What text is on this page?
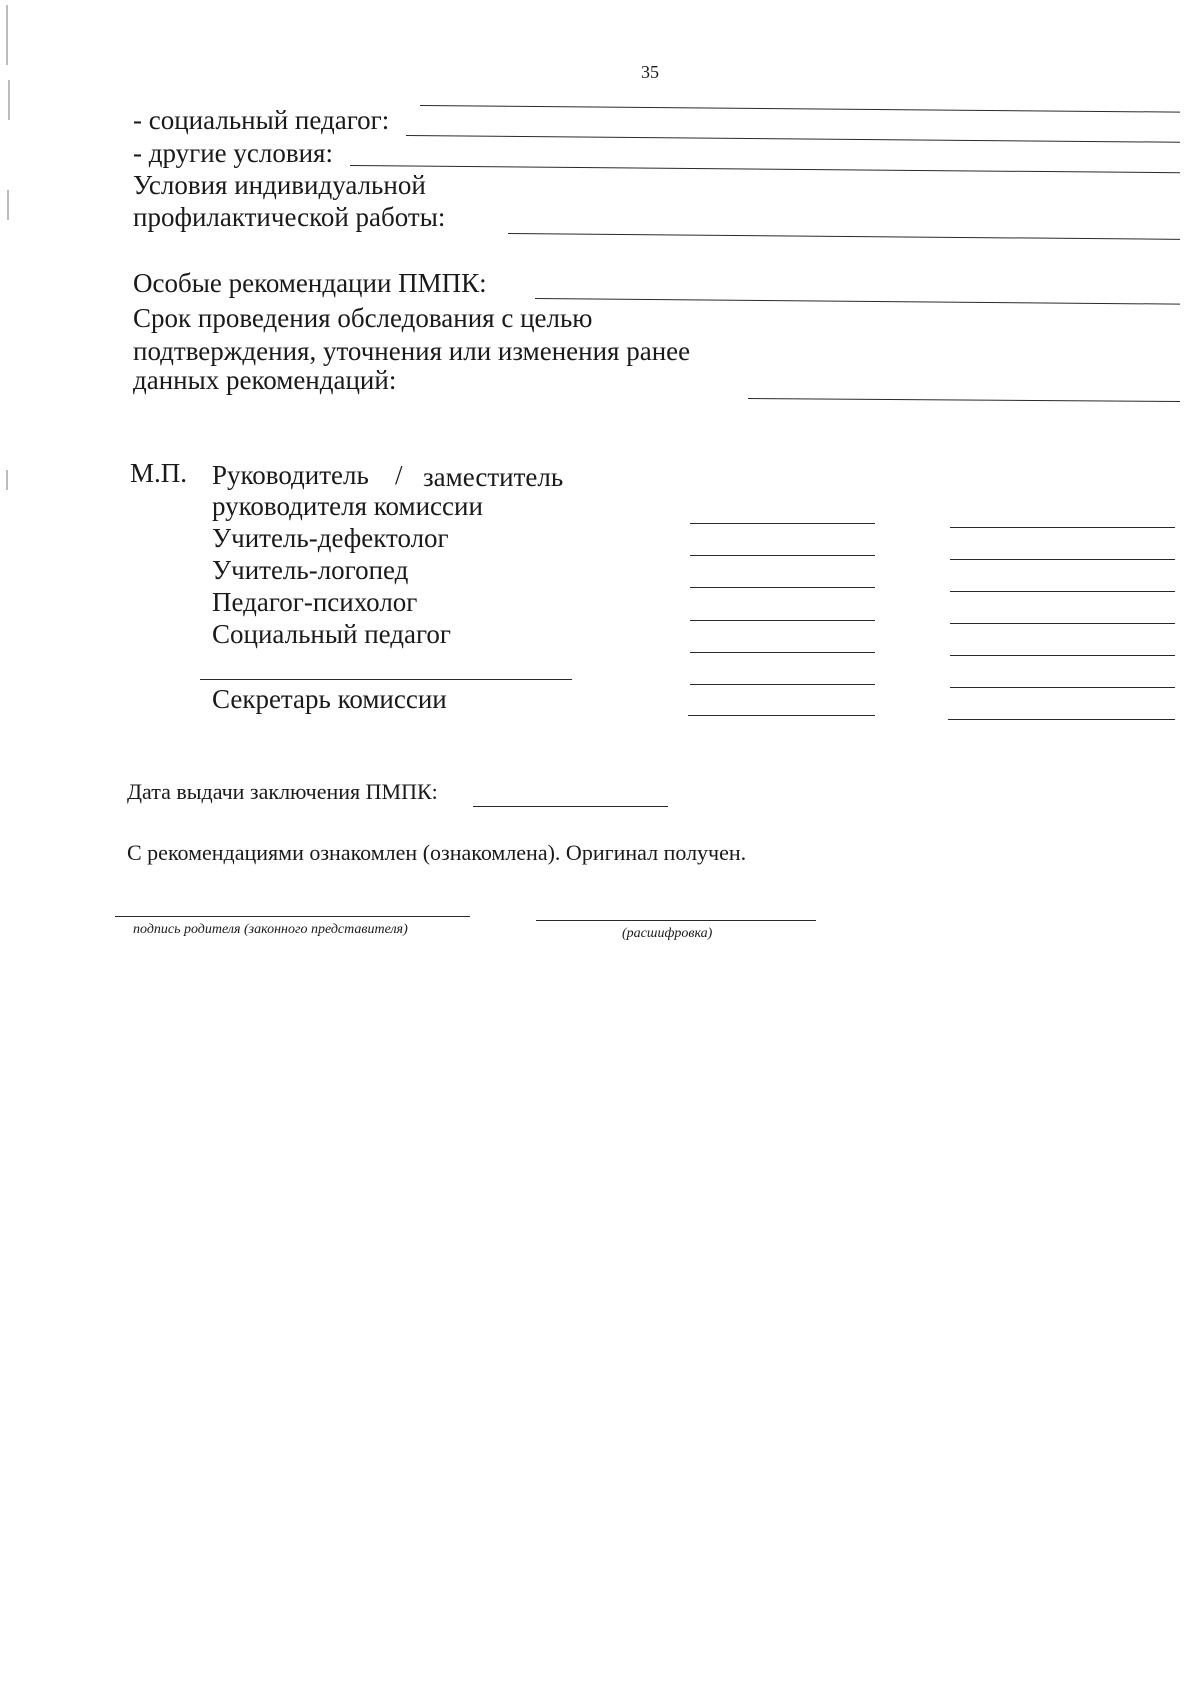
35
- социальный педагог:
- другие условия:
Условия индивидуальной
профилактической работы:
Особые рекомендации ПМПК:
Срок проведения обследования с целью
подтверждения, уточнения или изменения ранее
данных рекомендаций:
М.П. Руководитель / заместитель
руководителя комиссии
Учитель-дефектолог
Учитель-логопед
Педагог-психолог
Социальный педагог
Секретарь комиссии
Дата выдачи заключения ПМПК:
С рекомендациями ознакомлен (ознакомлена). Оригинал получен.
подпись родителя (законного представителя)	(расшифровка)
